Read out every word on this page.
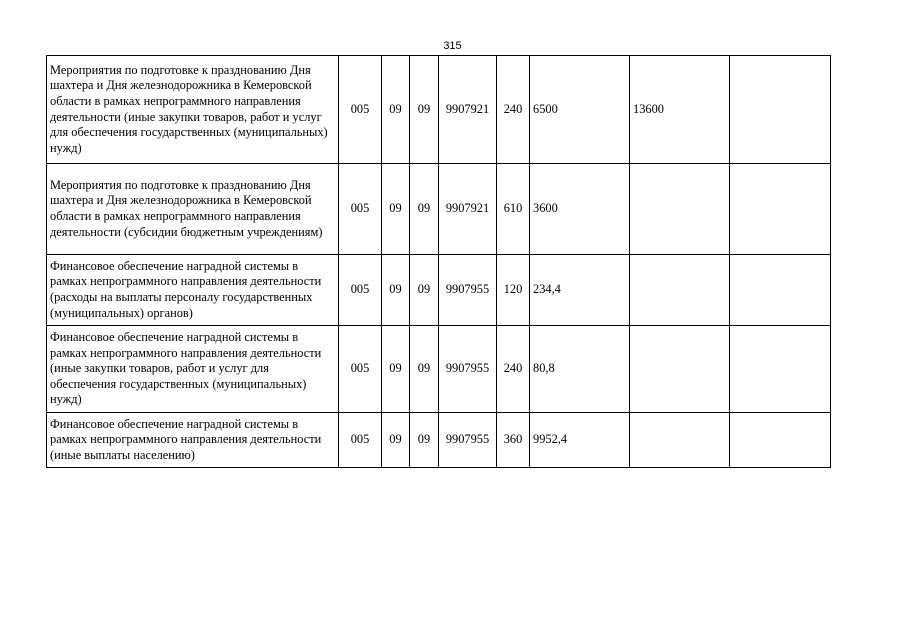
315
Мероприятия по подготовке к празднованию Дня шахтера и Дня железнодорожника в Кемеровской области в рамках непрограммного направления деятельности (иные закупки товаров, работ и услуг для обеспечения государственных (муниципальных) нужд)	005	09	09	9907921	240	6500	13600	
Мероприятия по подготовке к празднованию Дня шахтера и Дня железнодорожника в Кемеровской области в рамках непрограммного направления деятельности (субсидии бюджетным учреждениям)	005	09	09	9907921	610	3600		
Финансовое обеспечение наградной системы в рамках непрограммного направления деятельности (расходы на выплаты персоналу государственных (муниципальных) органов)	005	09	09	9907955	120	234,4		
Финансовое обеспечение наградной системы в рамках непрограммного направления деятельности (иные закупки товаров, работ и услуг для обеспечения государственных (муниципальных) нужд)	005	09	09	9907955	240	80,8		
Финансовое обеспечение наградной системы в рамках непрограммного направления деятельности (иные выплаты населению)	005	09	09	9907955	360	9952,4		
